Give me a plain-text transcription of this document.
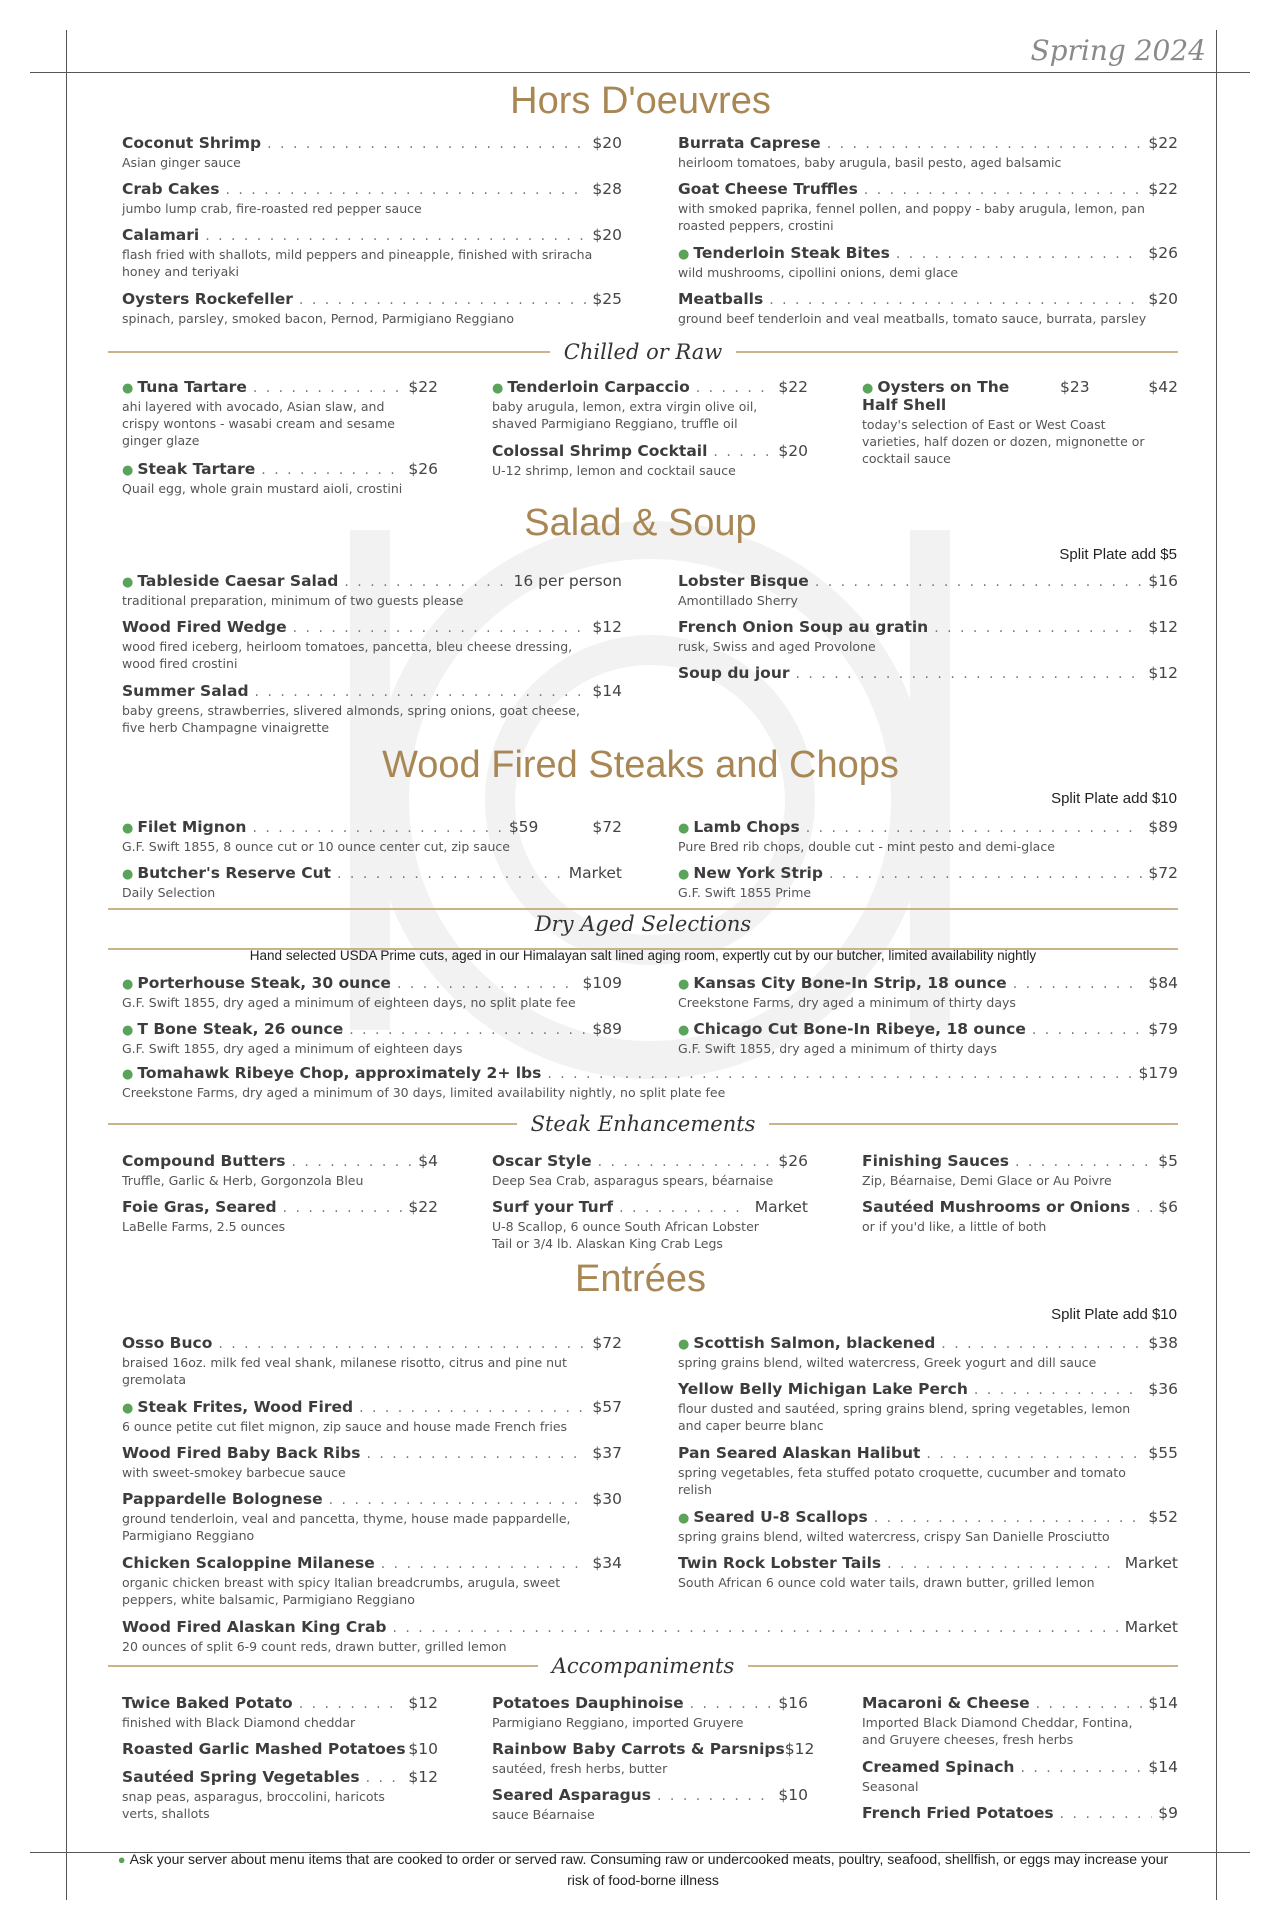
Spring 2024
Hors D'oeuvres
Coconut Shrimp . . .	$20
Asian ginger sauce
Crab Cakes . . .	$28
jumbo lump crab, fire-roasted red pepper sauce
Calamari . . .	$20
flash fried with shallots, mild peppers and pineapple, finished with sriracha honey and teriyaki
Oysters Rockefeller . . .	$25
spinach, parsley, smoked bacon, Pernod, Parmigiano Reggiano
Burrata Caprese . . .	$22
heirloom tomatoes, baby arugula, basil pesto, aged balsamic
Goat Cheese Truffles . . .	$22
with smoked paprika, fennel pollen, and poppy - baby arugula, lemon, pan roasted peppers, crostini
● Tenderloin Steak Bites . . .	$26
wild mushrooms, cipollini onions, demi glace
Meatballs . . .	$20
ground beef tenderloin and veal meatballs, tomato sauce, burrata, parsley
Chilled or Raw
● Tuna Tartare . . .	$22
ahi layered with avocado, Asian slaw, and crispy wontons - wasabi cream and sesame ginger glaze
● Steak Tartare . . .	$26
Quail egg, whole grain mustard aioli, crostini
● Tenderloin Carpaccio . . .	$22
baby arugula, lemon, extra virgin olive oil, shaved Parmigiano Reggiano, truffle oil
Colossal Shrimp Cocktail . . .	$20
U-12 shrimp, lemon and cocktail sauce
● Oysters on The Half Shell
$23	$42
today's selection of East or West Coast varieties, half dozen or dozen, mignonette or cocktail sauce
Salad & Soup
Split Plate add $5
● Tableside Caesar Salad . . .	16 per person
traditional preparation, minimum of two guests please
Wood Fired Wedge . . .	$12
wood fired iceberg, heirloom tomatoes, pancetta, bleu cheese dressing, wood fired crostini
Summer Salad . . .	$14
baby greens, strawberries, slivered almonds, spring onions, goat cheese, five herb Champagne vinaigrette
Lobster Bisque . . .	$16
Amontillado Sherry
French Onion Soup au gratin . . .	$12
rusk, Swiss and aged Provolone
Soup du jour . . .	$12
Wood Fired Steaks and Chops
Split Plate add $10
● Filet Mignon . . .	$59	$72
G.F. Swift 1855, 8 ounce cut or 10 ounce center cut, zip sauce
● Butcher's Reserve Cut . . .	Market
Daily Selection
● Lamb Chops . . .	$89
Pure Bred rib chops, double cut - mint pesto and demi-glace
● New York Strip . . .	$72
G.F. Swift 1855 Prime
Dry Aged Selections
Hand selected USDA Prime cuts, aged in our Himalayan salt lined aging room, expertly cut by our butcher, limited availability nightly
● Porterhouse Steak, 30 ounce . . .	$109
G.F. Swift 1855, dry aged a minimum of eighteen days, no split plate fee
● T Bone Steak, 26 ounce . . .	$89
G.F. Swift 1855, dry aged a minimum of eighteen days
● Kansas City Bone-In Strip, 18 ounce . . .	$84
Creekstone Farms, dry aged a minimum of thirty days
● Chicago Cut Bone-In Ribeye, 18 ounce . . .	$79
G.F. Swift 1855, dry aged a minimum of thirty days
● Tomahawk Ribeye Chop, approximately 2+ lbs . . .	$179
Creekstone Farms, dry aged a minimum of 30 days, limited availability nightly, no split plate fee
Steak Enhancements
Compound Butters . . .	$4
Truffle, Garlic & Herb, Gorgonzola Bleu
Foie Gras, Seared . . .	$22
LaBelle Farms, 2.5 ounces
Oscar Style . . .	$26
Deep Sea Crab, asparagus spears, béarnaise
Surf your Turf . . .	Market
U-8 Scallop, 6 ounce South African Lobster Tail or 3/4 lb. Alaskan King Crab Legs
Finishing Sauces . . .	$5
Zip, Béarnaise, Demi Glace or Au Poivre
Sautéed Mushrooms or Onions . . . $6
or if you'd like, a little of both
Entrées
Split Plate add $10
Osso Buco . . .	$72
braised 16oz. milk fed veal shank, milanese risotto, citrus and pine nut gremolata
● Steak Frites, Wood Fired . . .	$57
6 ounce petite cut filet mignon, zip sauce and house made French fries
Wood Fired Baby Back Ribs . . .	$37
with sweet-smokey barbecue sauce
Pappardelle Bolognese . . .	$30
ground tenderloin, veal and pancetta, thyme, house made pappardelle, Parmigiano Reggiano
Chicken Scaloppine Milanese . . .	$34
organic chicken breast with spicy Italian breadcrumbs, arugula, sweet peppers, white balsamic, Parmigiano Reggiano
● Scottish Salmon, blackened . . .	$38
spring grains blend, wilted watercress, Greek yogurt and dill sauce
Yellow Belly Michigan Lake Perch . . .	$36
flour dusted and sautéed, spring grains blend, spring vegetables, lemon and caper beurre blanc
Pan Seared Alaskan Halibut . . .	$55
spring vegetables, feta stuffed potato croquette, cucumber and tomato relish
● Seared U-8 Scallops . . .	$52
spring grains blend, wilted watercress, crispy San Danielle Prosciutto
Twin Rock Lobster Tails . . .	Market
South African 6 ounce cold water tails, drawn butter, grilled lemon
Wood Fired Alaskan King Crab . . .	Market
20 ounces of split 6-9 count reds, drawn butter, grilled lemon
Accompaniments
Twice Baked Potato . . .	$12
finished with Black Diamond cheddar
Roasted Garlic Mashed Potatoes $10
Sautéed Spring Vegetables . . .	$12
snap peas, asparagus, broccolini, haricots verts, shallots
Potatoes Dauphinoise . . .	$16
Parmigiano Reggiano, imported Gruyere
Rainbow Baby Carrots & Parsnips $12
sautéed, fresh herbs, butter
Seared Asparagus . . .	$10
sauce Béarnaise
Macaroni & Cheese . . .	$14
Imported Black Diamond Cheddar, Fontina, and Gruyere cheeses, fresh herbs
Creamed Spinach . . .	$14
Seasonal
French Fried Potatoes . . .	$9
● Ask your server about menu items that are cooked to order or served raw. Consuming raw or undercooked meats, poultry, seafood, shellfish, or eggs may increase your risk of food-borne illness
